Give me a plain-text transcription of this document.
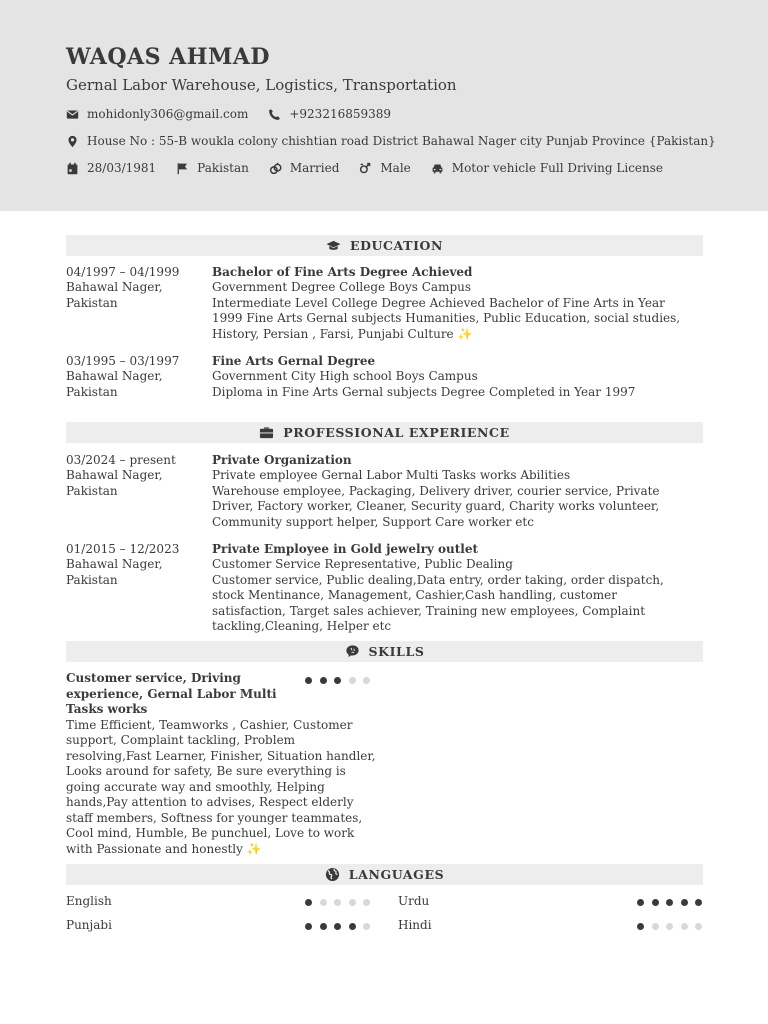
WAQAS AHMAD
Gernal Labor Warehouse, Logistics, Transportation
mohidonly306@gmail.com	+923216859389
House No : 55-B woukla colony chishtian road District Bahawal Nager city Punjab Province {Pakistan}
28/03/1981	Pakistan	Married	Male	Motor vehicle Full Driving License
EDUCATION
04/1997 – 04/1999
Bahawal Nager, Pakistan
Bachelor of Fine Arts Degree Achieved
Government Degree College Boys Campus
Intermediate Level College Degree Achieved Bachelor of Fine Arts in Year 1999 Fine Arts Gernal subjects Humanities, Public Education, social studies, History, Persian , Farsi, Punjabi Culture ✨
03/1995 – 03/1997
Bahawal Nager, Pakistan
Fine Arts Gernal Degree
Government City High school Boys Campus
Diploma in Fine Arts Gernal subjects Degree Completed in Year 1997
PROFESSIONAL EXPERIENCE
03/2024 – present
Bahawal Nager, Pakistan
Private Organization
Private employee Gernal Labor Multi Tasks works Abilities
Warehouse employee, Packaging, Delivery driver, courier service, Private Driver, Factory worker, Cleaner, Security guard, Charity works volunteer, Community support helper, Support Care worker etc
01/2015 – 12/2023
Bahawal Nager, Pakistan
Private Employee in Gold jewelry outlet
Customer Service Representative, Public Dealing
Customer service, Public dealing,Data entry, order taking, order dispatch, stock Mentinance, Management, Cashier,Cash handling, customer satisfaction, Target sales achiever, Training new employees, Complaint tackling,Cleaning, Helper etc
SKILLS
Customer service, Driving experience, Gernal Labor Multi Tasks works
Time Efficient, Teamworks , Cashier, Customer support, Complaint tackling, Problem resolving,Fast Learner, Finisher, Situation handler, Looks around for safety, Be sure everything is going accurate way and smoothly, Helping hands,Pay attention to advises, Respect elderly staff members, Softness for younger teammates, Cool mind, Humble, Be punchuel, Love to work with Passionate and honestly ✨
LANGUAGES
English	Urdu
Punjabi	Hindi
